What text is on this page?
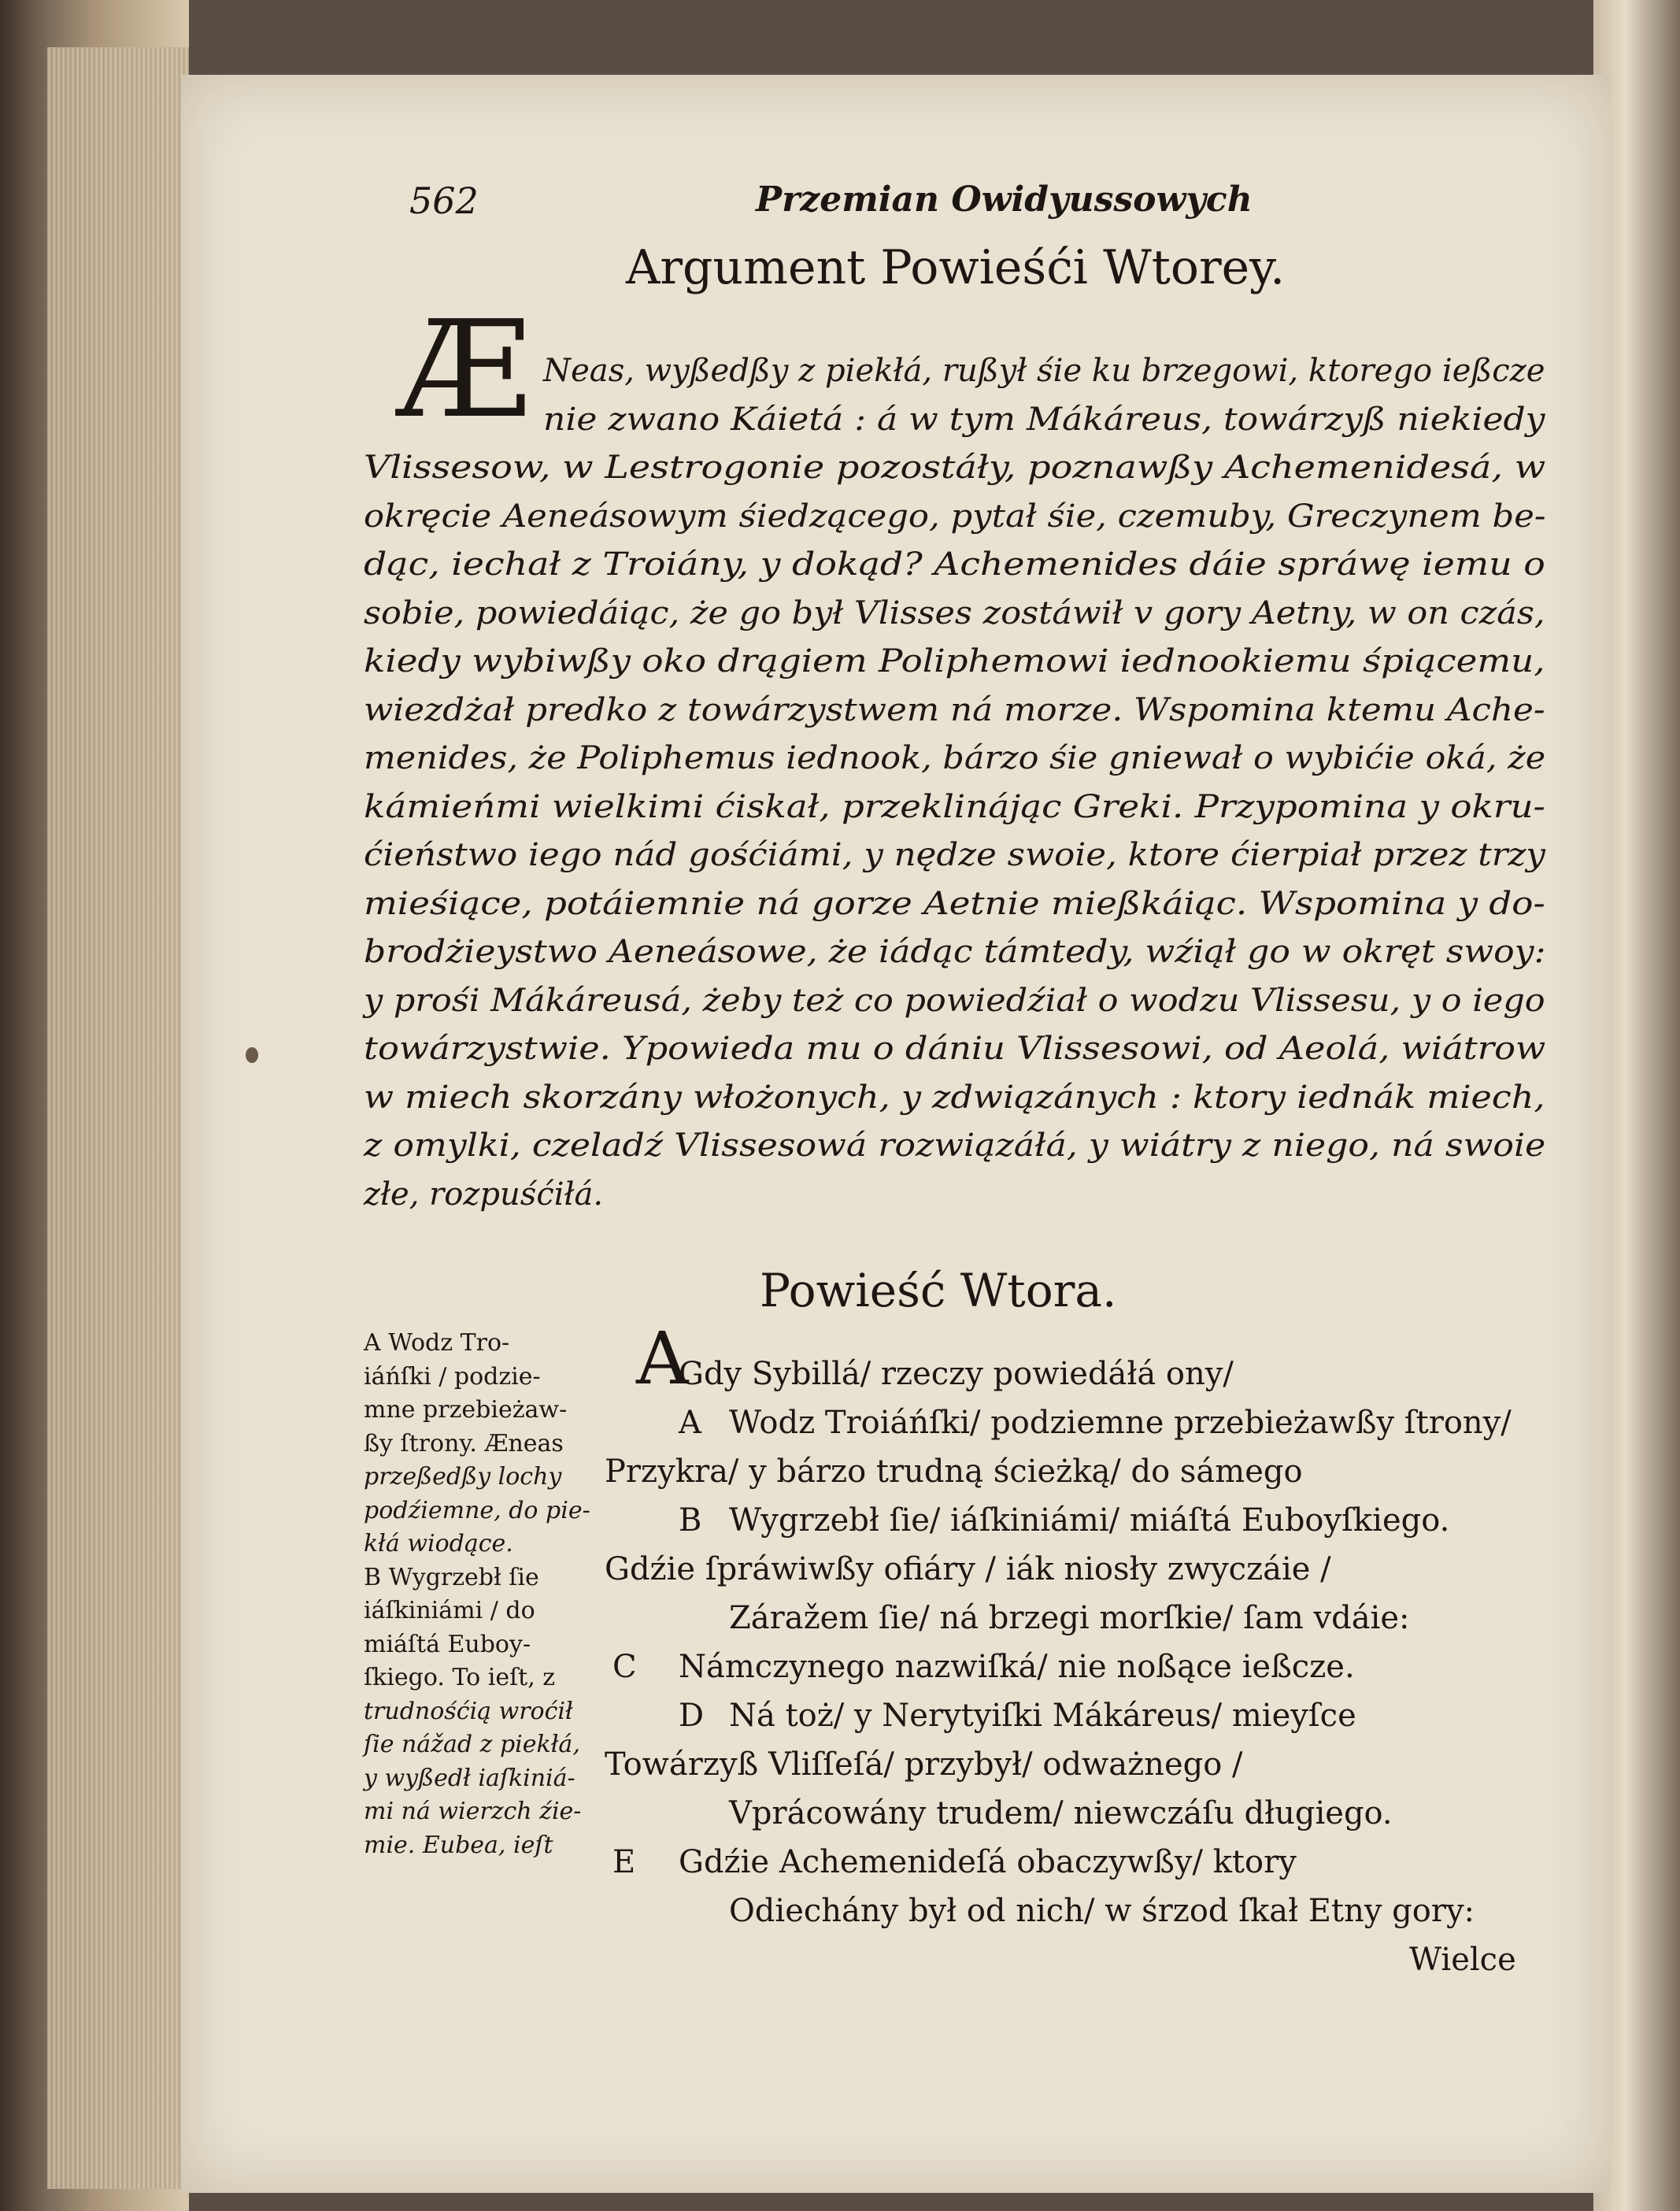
562	Przemian Owidyussowych
Argument Powieśći Wtorey.
Æ Neas, wyßedßy z piekłá, rußył śie ku brzegowi, ktorego ießcze
nie zwano Káietá : á w tym Mákáreus, towárzyß niekiedy
Vlissesow, w Lestrogonie pozostáły, poznawßy Achemenidesá, w
okręcie Aeneásowym śiedzącego, pytał śie, czemuby, Greczynem be-
dąc, iechał z Troiány, y dokąd? Achemenides dáie spráwę iemu o
sobie, powiedáiąc, że go był Vlisses zostáwił v gory Aetny, w on czás,
kiedy wybiwßy oko drągiem Poliphemowi iednookiemu śpiącemu,
wiezdżał predko z towárzystwem ná morze. Wspomina ktemu Ache-
menides, że Poliphemus iednook, bárzo śie gniewał o wybićie oká, że
kámieńmi wielkimi ćiskał, przeklinájąc Greki. Przypomina y okru-
ćieństwo iego nád gośćiámi, y nędze swoie, ktore ćierpiał przez trzy
mieśiące, potáiemnie ná gorze Aetnie mießkáiąc. Wspomina y do-
brodżieystwo Aeneásowe, że iádąc támtedy, wźiął go w okręt swoy:
y prośi Mákáreusá, żeby też co powiedźiał o wodzu Vlissesu, y o iego
towárzystwie. Ypowieda mu o dániu Vlissesowi, od Aeolá, wiátrow
w miech skorzány włożonych, y zdwiązánych : ktory iednák miech,
z omylki, czeladź Vlissesowá rozwiązáłá, y wiátry z niego, ná swoie
złe, rozpuśćiłá.
Powieść Wtora.
A
Gdy Sybillá/ rzeczy powiedáłá ony/
A Wodz Troiáńſki/ podziemne przebieżawßy ſtrony/
Przykra/ y bárzo trudną ścieżką/ do sámego
B Wygrzebł ſie/ iáſkiniámi/ miáſtá Euboyſkiego.
Gdźie ſpráwiwßy ofiáry / iák niosły zwyczáie /
Záražem ſie/ ná brzegi morſkie/ ſam vdáie:
C Námczynego nazwiſká/ nie noßące ießcze.
D Ná toż/ y Nerytyiſki Mákáreus/ mieyſce
Towárzyß Vliſſeſá/ przybył/ odważnego /
Vprácowány trudem/ niewczáſu długiego.
E Gdźie Achemenideſá obaczywßy/ ktory
Odiechány był od nich/ w śrzod ſkał Etny gory:
Wielce
A Wodz Tro-
iáńſki / podzie-
mne przebieżaw-
ßy ſtrony. Æneas
przeßedßy lochy
podźiemne, do pie-
kłá wiodące.
B Wygrzebł ſie
iáſkiniámi / do
miáſtá Euboy-
ſkiego. To ieſt, z
trudnośćią wroćił
ſie nážad z piekłá,
y wyßedł iaſkiniá-
mi ná wierzch źie-
mie. Eubea, ieſt
